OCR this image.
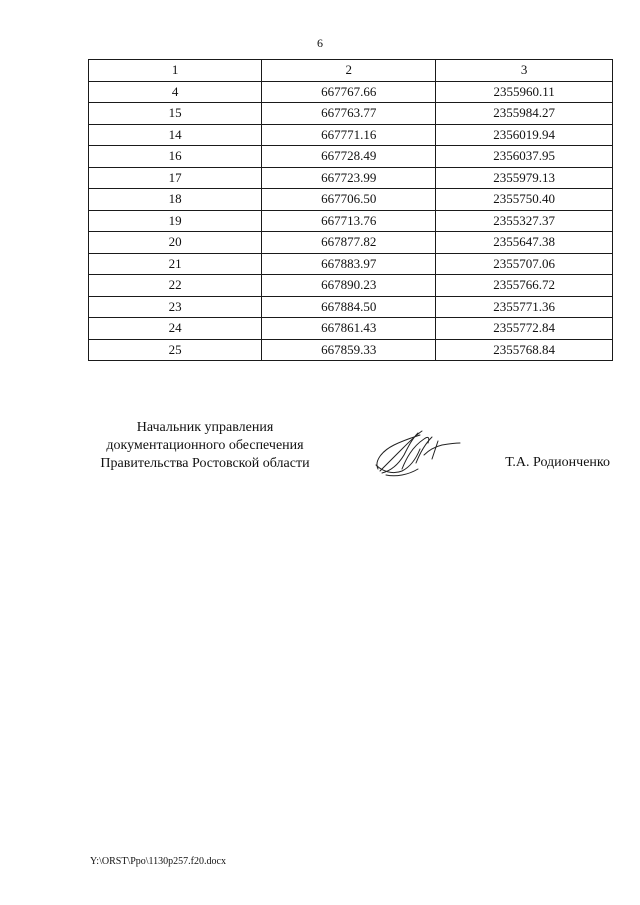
6
1	2	3
4	667767.66	2355960.11
15	667763.77	2355984.27
14	667771.16	2356019.94
16	667728.49	2356037.95
17	667723.99	2355979.13
18	667706.50	2355750.40
19	667713.76	2355327.37
20	667877.82	2355647.38
21	667883.97	2355707.06
22	667890.23	2355766.72
23	667884.50	2355771.36
24	667861.43	2355772.84
25	667859.33	2355768.84
Начальник управления
документационного обеспечения
Правительства Ростовской области	Т.А. Родионченко
Y:\ORST\Ppo\1130p257.f20.docx
